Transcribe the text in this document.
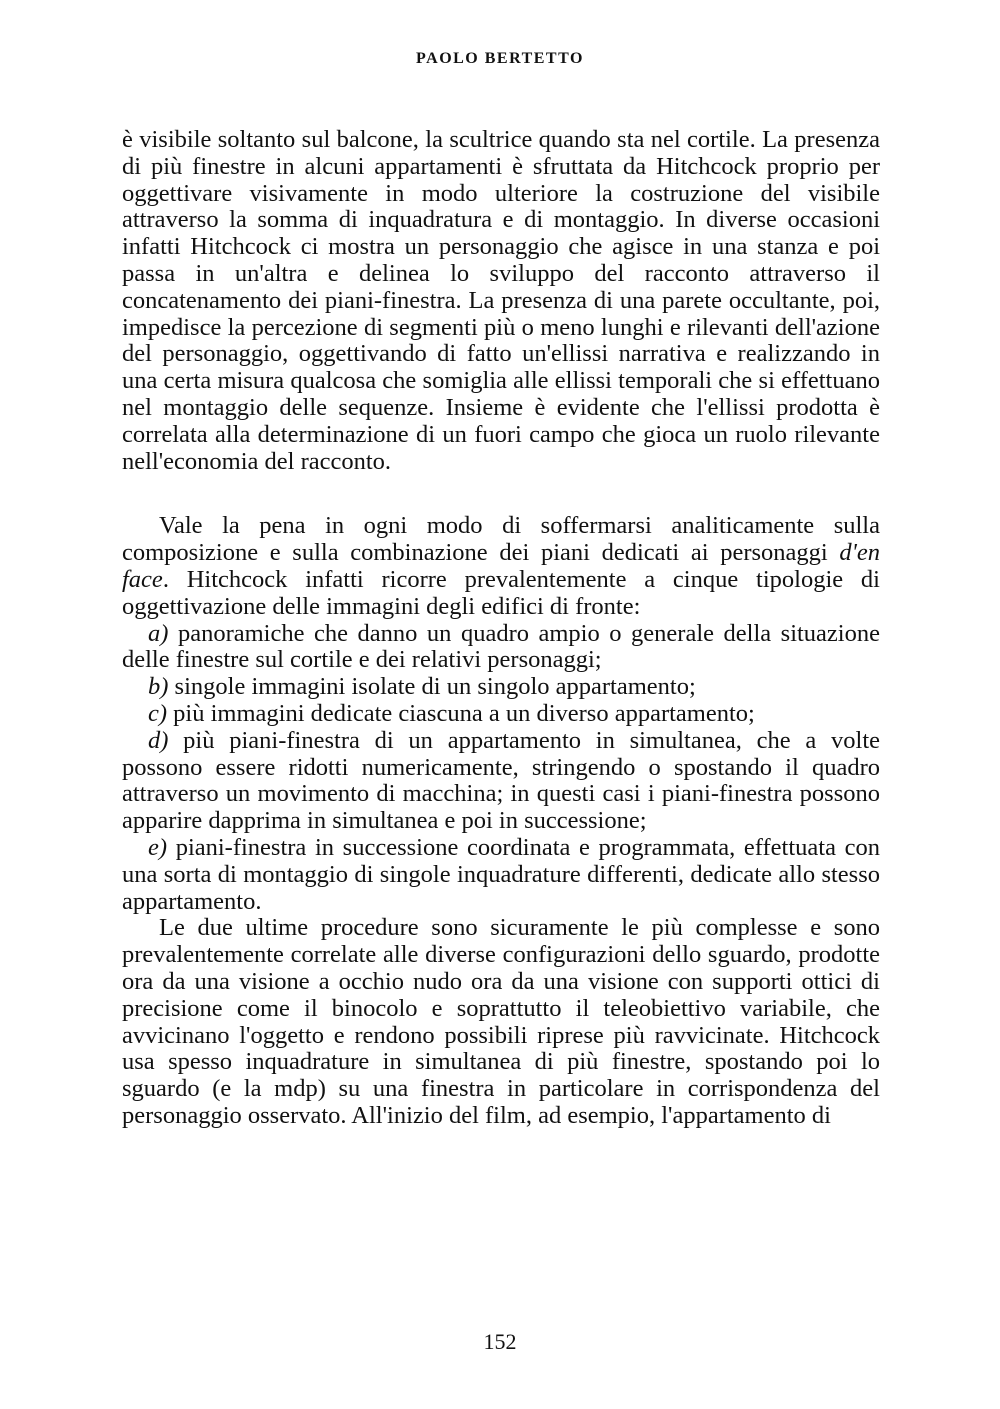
PAOLO BERTETTO

è visibile soltanto sul balcone, la scultrice quando sta nel cortile. La presenza di più finestre in alcuni appartamenti è sfruttata da Hitchcock proprio per oggettivare visivamente in modo ulteriore la costruzione del visibile attraverso la somma di inquadratura e di montaggio. In diverse occasioni infatti Hitchcock ci mostra un personaggio che agisce in una stanza e poi passa in un'altra e delinea lo sviluppo del racconto attraverso il concatenamento dei piani-finestra. La presenza di una parete occultante, poi, impedisce la percezione di segmenti più o meno lunghi e rilevanti dell'azione del personaggio, oggettivando di fatto un'ellissi narrativa e realizzando in una certa misura qualcosa che somiglia alle ellissi temporali che si effettuano nel montaggio delle sequenze. Insieme è evidente che l'ellissi prodotta è correlata alla determinazione di un fuori campo che gioca un ruolo rilevante nell'economia del racconto.

Vale la pena in ogni modo di soffermarsi analiticamente sulla composizione e sulla combinazione dei piani dedicati ai personaggi d'en face. Hitchcock infatti ricorre prevalentemente a cinque tipologie di oggettivazione delle immagini degli edifici di fronte:

a) panoramiche che danno un quadro ampio o generale della situazione delle finestre sul cortile e dei relativi personaggi;

b) singole immagini isolate di un singolo appartamento;

c) più immagini dedicate ciascuna a un diverso appartamento;

d) più piani-finestra di un appartamento in simultanea, che a volte possono essere ridotti numericamente, stringendo o spostando il quadro attraverso un movimento di macchina; in questi casi i piani-finestra possono apparire dapprima in simultanea e poi in successione;

e) piani-finestra in successione coordinata e programmata, effettuata con una sorta di montaggio di singole inquadrature differenti, dedicate allo stesso appartamento.

Le due ultime procedure sono sicuramente le più complesse e sono prevalentemente correlate alle diverse configurazioni dello sguardo, prodotte ora da una visione a occhio nudo ora da una visione con supporti ottici di precisione come il binocolo e soprattutto il teleobiettivo variabile, che avvicinano l'oggetto e rendono possibili riprese più ravvicinate. Hitchcock usa spesso inquadrature in simultanea di più finestre, spostando poi lo sguardo (e la mdp) su una finestra in particolare in corrispondenza del personaggio osservato. All'inizio del film, ad esempio, l'appartamento di

152
